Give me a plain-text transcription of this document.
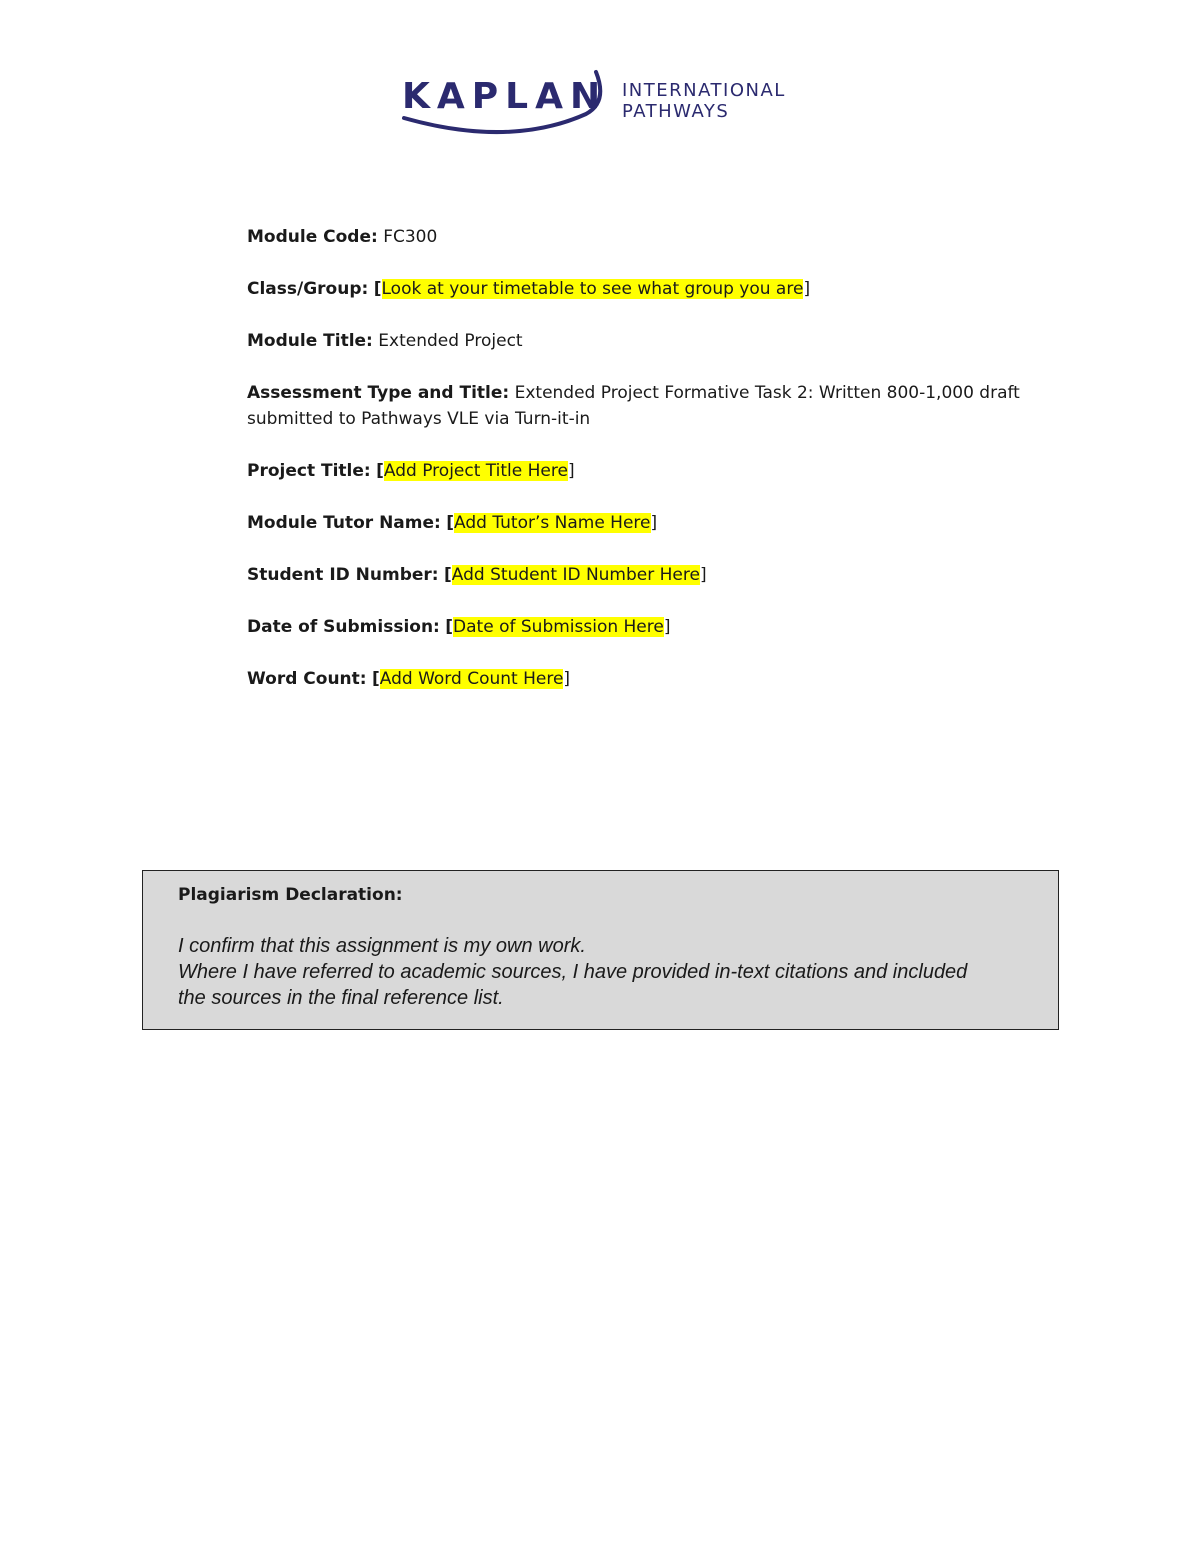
KAPLAN INTERNATIONAL
PATHWAYS
Module Code: FC300
Class/Group: [Look at your timetable to see what group you are]
Module Title: Extended Project
Assessment Type and Title: Extended Project Formative Task 2: Written 800-1,000 draft
submitted to Pathways VLE via Turn-it-in
Project Title: [Add Project Title Here]
Module Tutor Name: [Add Tutor’s Name Here]
Student ID Number: [Add Student ID Number Here]
Date of Submission: [Date of Submission Here]
Word Count: [Add Word Count Here]
Plagiarism Declaration:
I confirm that this assignment is my own work.
Where I have referred to academic sources, I have provided in-text citations and included
the sources in the final reference list.
